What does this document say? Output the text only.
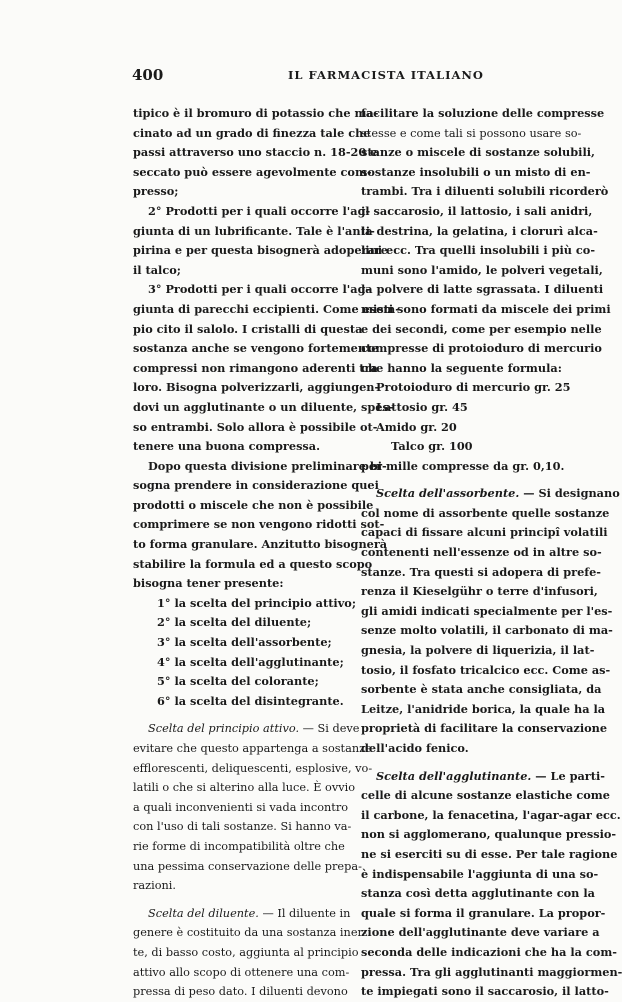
400	IL FARMACISTA ITALIANO
tipico è il bromuro di potassio che ma-
cinato ad un grado di finezza tale che
passi attraverso uno staccio n. 18-20 e
seccato può essere agevolmente com-
presso;
2° Prodotti per i quali occorre l'ag-
giunta di un lubrificante. Tale è l'anti-
pirina e per questa bisognerà adoperare
il talco;
3° Prodotti per i quali occorre l'ag-
giunta di parecchi eccipienti. Come esem-
pio cito il salolo. I cristalli di questa
sostanza anche se vengono fortemente
compressi non rimangono aderenti tra
loro. Bisogna polverizzarli, aggiungen-
dovi un agglutinante o un diluente, spes-
so entrambi. Solo allora è possibile ot-
tenere una buona compressa.
Dopo questa divisione preliminare bi-
sogna prendere in considerazione quei
prodotti o miscele che non è possibile
comprimere se non vengono ridotti sot-
to forma granulare. Anzitutto bisognerà
stabilire la formula ed a questo scopo
bisogna tener presente:
1° la scelta del principio attivo;
2° la scelta del diluente;
3° la scelta dell'assorbente;
4° la scelta dell'agglutinante;
5° la scelta del colorante;
6° la scelta del disintegrante.
Scelta del principio attivo. — Si deve
evitare che questo appartenga a sostanze
efflorescenti, deliquescenti, esplosive, vo-
latili o che si alterino alla luce. È ovvio
a quali inconvenienti si vada incontro
con l'uso di tali sostanze. Si hanno va-
rie forme di incompatibilità oltre che
una pessima conservazione delle prepa-
razioni.
Scelta del diluente. — Il diluente in
genere è costituito da una sostanza iner-
te, di basso costo, aggiunta al principio
attivo allo scopo di ottenere una com-
pressa di peso dato. I diluenti devono
facilitare la soluzione delle compresse
stesse e come tali si possono usare so-
stanze o miscele di sostanze solubili,
sostanze insolubili o un misto di en-
trambi. Tra i diluenti solubili ricorderò
il saccarosio, il lattosio, i sali anidri,
la destrina, la gelatina, i clorurì alca-
lini ecc. Tra quelli insolubili i più co-
muni sono l'amido, le polveri vegetali,
la polvere di latte sgrassata. I diluenti
misti sono formati da miscele dei primi
e dei secondi, come per esempio nelle
compresse di protoioduro di mercurio
che hanno la seguente formula:
Protoioduro di mercurio gr. 25
Lattosio gr. 45
Amido gr. 20
Talco gr. 100
per mille compresse da gr. 0,10.
Scelta dell'assorbente. — Si designano
col nome di assorbente quelle sostanze
capaci di fissare alcuni principî volatili
contenenti nell'essenze od in altre so-
stanze. Tra questi si adopera di prefe-
renza il Kieselgühr o terre d'infusori,
gli amidi indicati specialmente per l'es-
senze molto volatili, il carbonato di ma-
gnesia, la polvere di liquerizia, il lat-
tosio, il fosfato tricalcico ecc. Come as-
sorbente è stata anche consigliata, da
Leitze, l'anidride borica, la quale ha la
proprietà di facilitare la conservazione
dell'acido fenico.
Scelta dell'agglutinante. — Le parti-
celle di alcune sostanze elastiche come
il carbone, la fenacetina, l'agar-agar ecc.
non si agglomerano, qualunque pressio-
ne si eserciti su di esse. Per tale ragione
è indispensabile l'aggiunta di una so-
stanza così detta agglutinante con la
quale si forma il granulare. La propor-
zione dell'agglutinante deve variare a
seconda delle indicazioni che ha la com-
pressa. Tra gli agglutinanti maggiormen-
te impiegati sono il saccarosio, il latto-
